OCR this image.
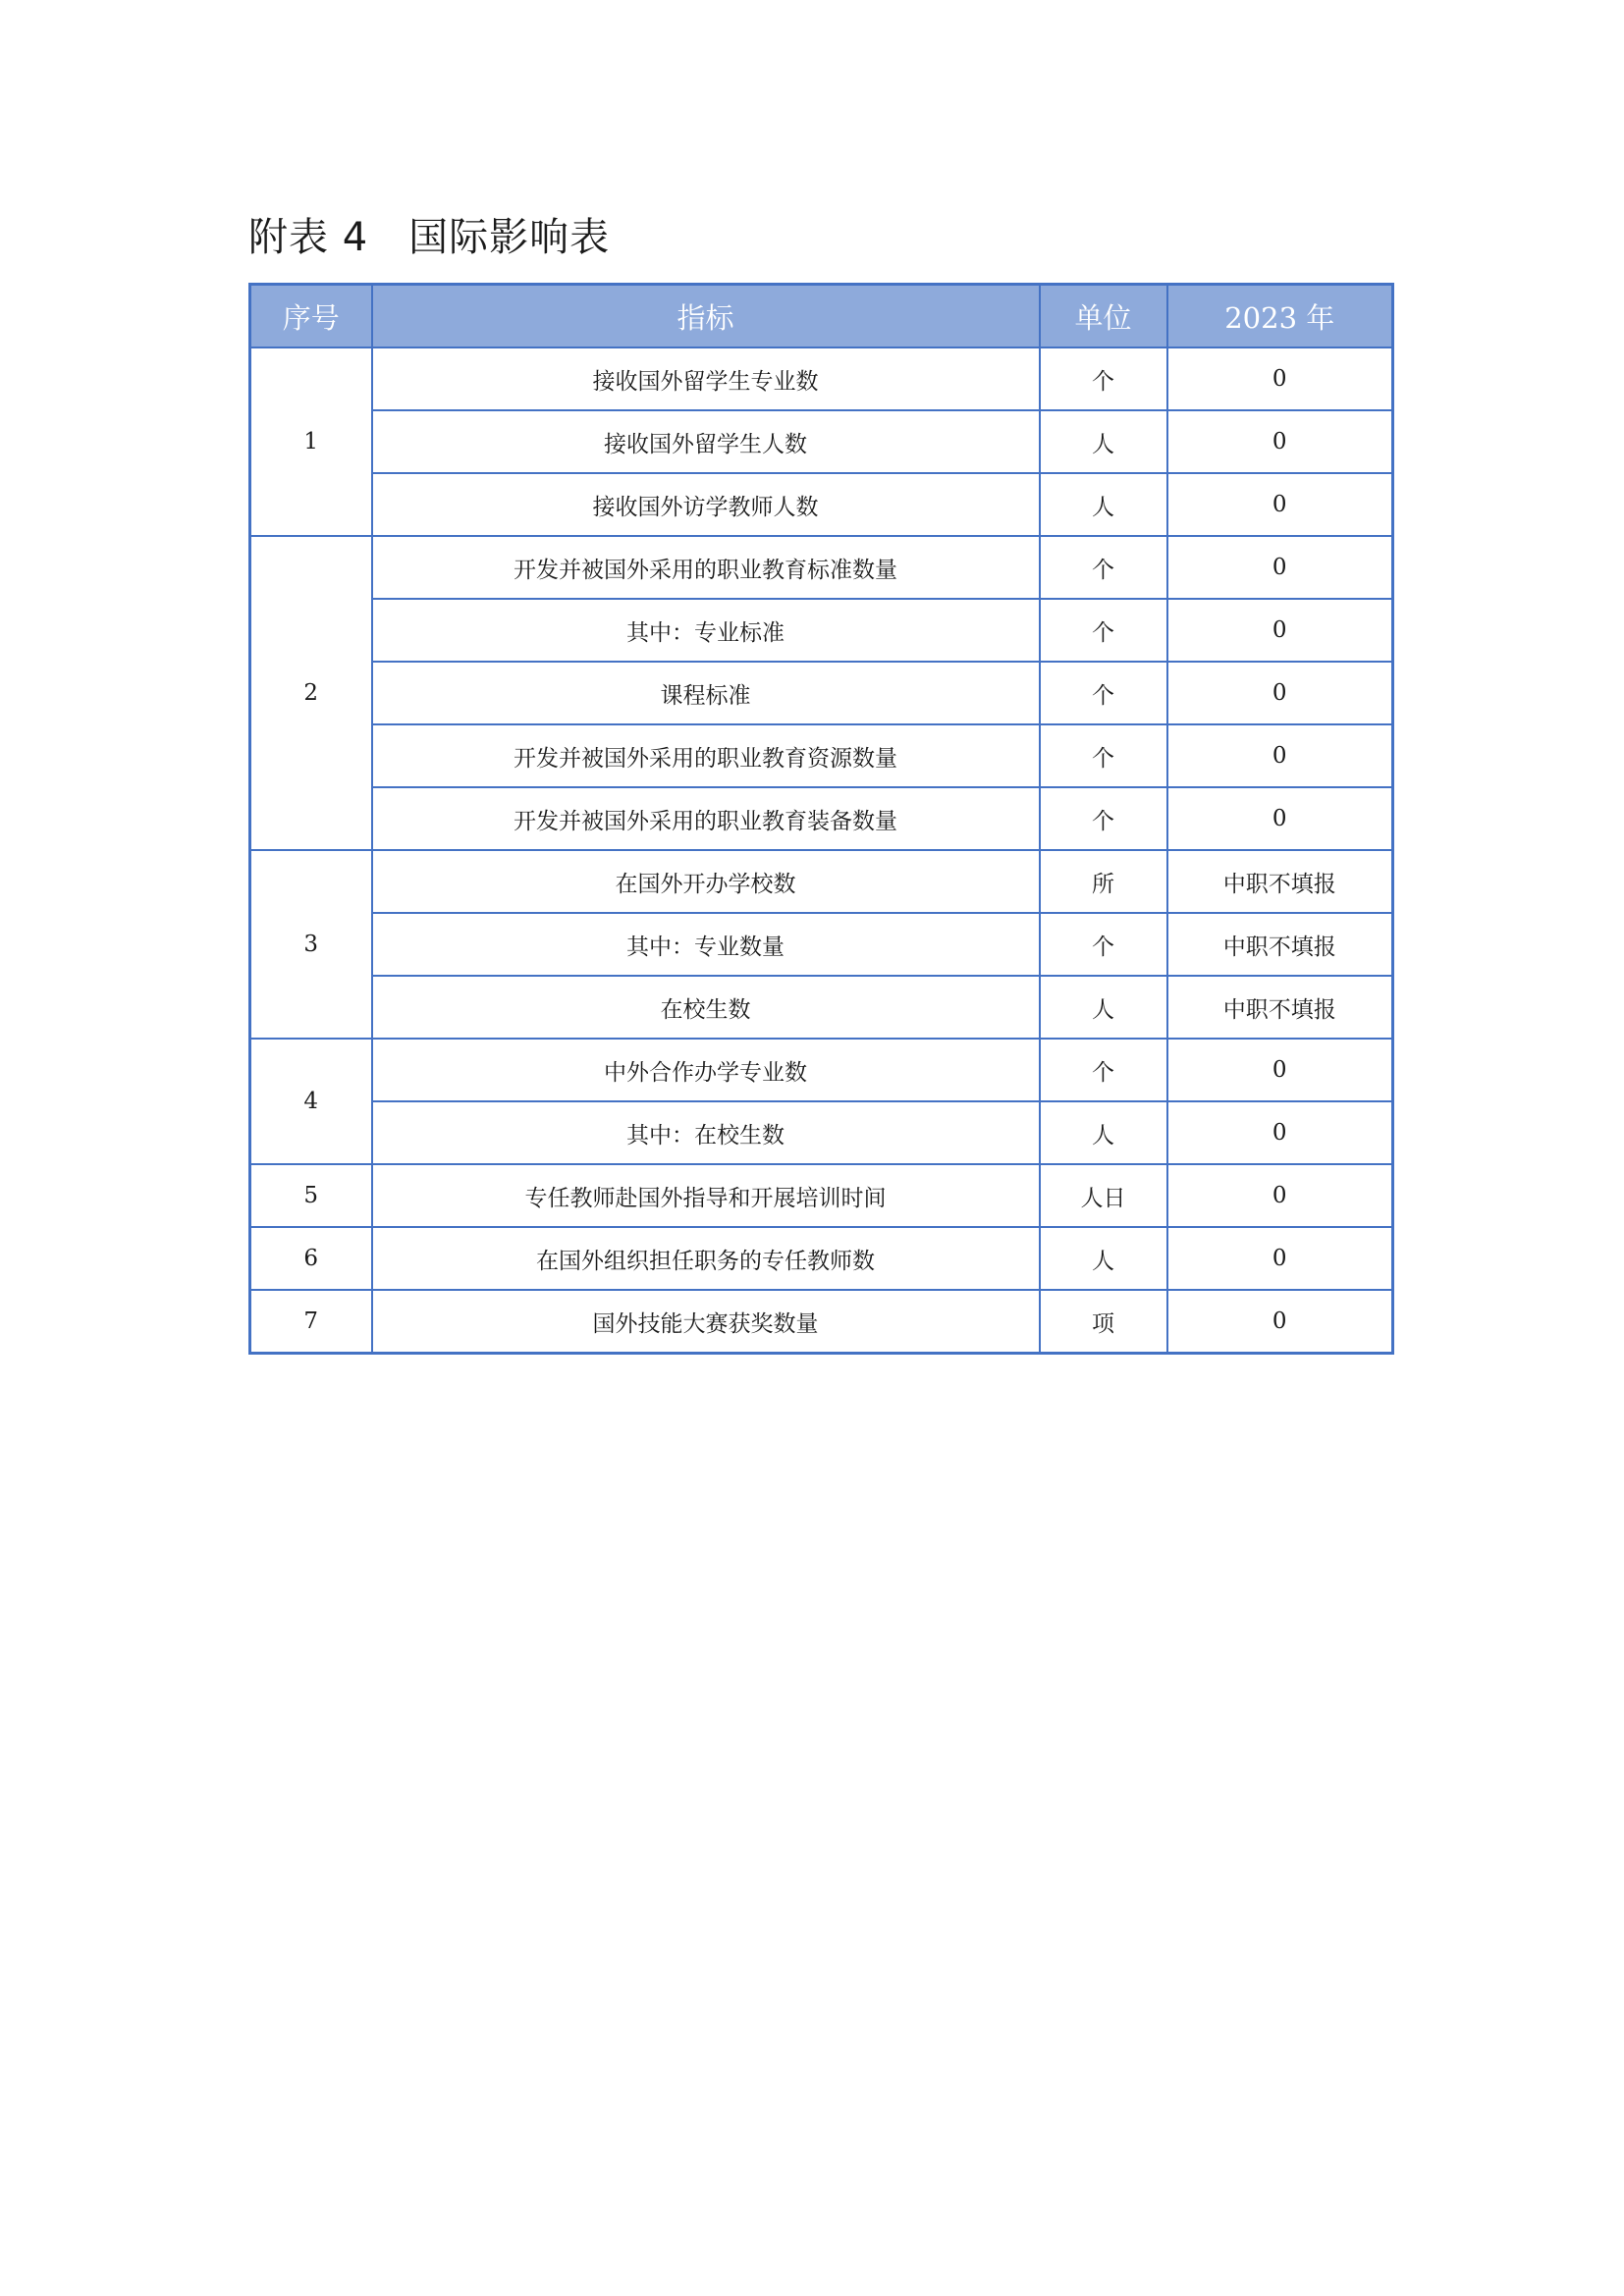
附表 4　国际影响表
序号	指标	单位	2023 年
1	接收国外留学生专业数	个	0
	接收国外留学生人数	人	0
	接收国外访学教师人数	人	0
2	开发并被国外采用的职业教育标准数量	个	0
	其中：专业标准	个	0
	课程标准	个	0
	开发并被国外采用的职业教育资源数量	个	0
	开发并被国外采用的职业教育装备数量	个	0
3	在国外开办学校数	所	中职不填报
	其中：专业数量	个	中职不填报
	在校生数	人	中职不填报
4	中外合作办学专业数	个	0
	其中：在校生数	人	0
5	专任教师赴国外指导和开展培训时间	人日	0
6	在国外组织担任职务的专任教师数	人	0
7	国外技能大赛获奖数量	项	0
